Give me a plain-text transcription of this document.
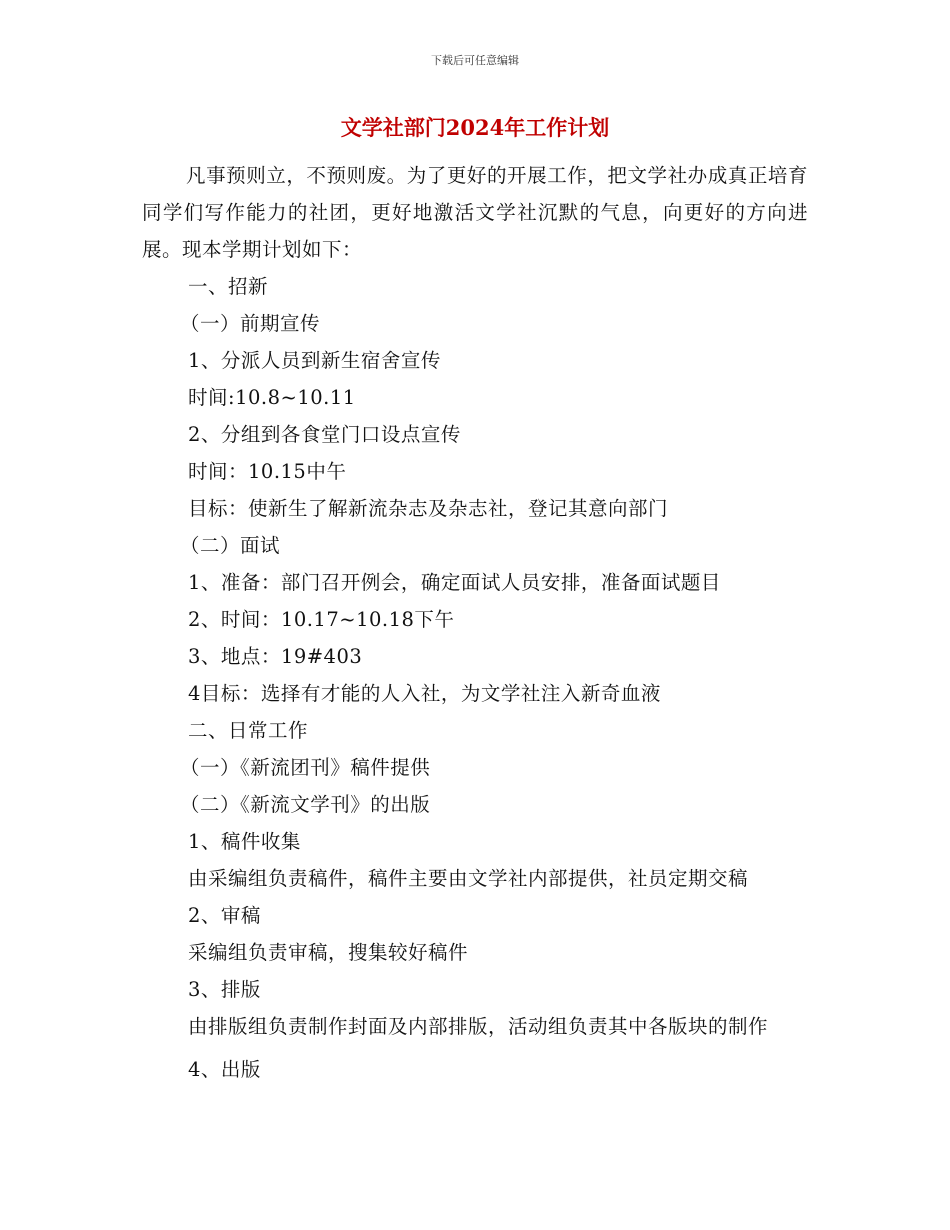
下载后可任意编辑
文学社部门2024年工作计划

凡事预则立，不预则废。为了更好的开展工作，把文学社办成真正培育同学们写作能力的社团，更好地激活文学社沉默的气息，向更好的方向进展。现本学期计划如下：

一、招新

（一）前期宣传

1、分派人员到新生宿舍宣传

时间:10.8~10.11

2、分组到各食堂门口设点宣传

时间：10.15中午

目标：使新生了解新流杂志及杂志社，登记其意向部门

（二）面试

1、准备：部门召开例会，确定面试人员安排，准备面试题目

2、时间：10.17~10.18下午

3、地点：19#403

4目标：选择有才能的人入社，为文学社注入新奇血液

二、日常工作

（一）《新流团刊》稿件提供

（二）《新流文学刊》的出版

1、稿件收集

由采编组负责稿件，稿件主要由文学社内部提供，社员定期交稿

2、审稿

采编组负责审稿，搜集较好稿件

3、排版

由排版组负责制作封面及内部排版，活动组负责其中各版块的制作

4、出版
